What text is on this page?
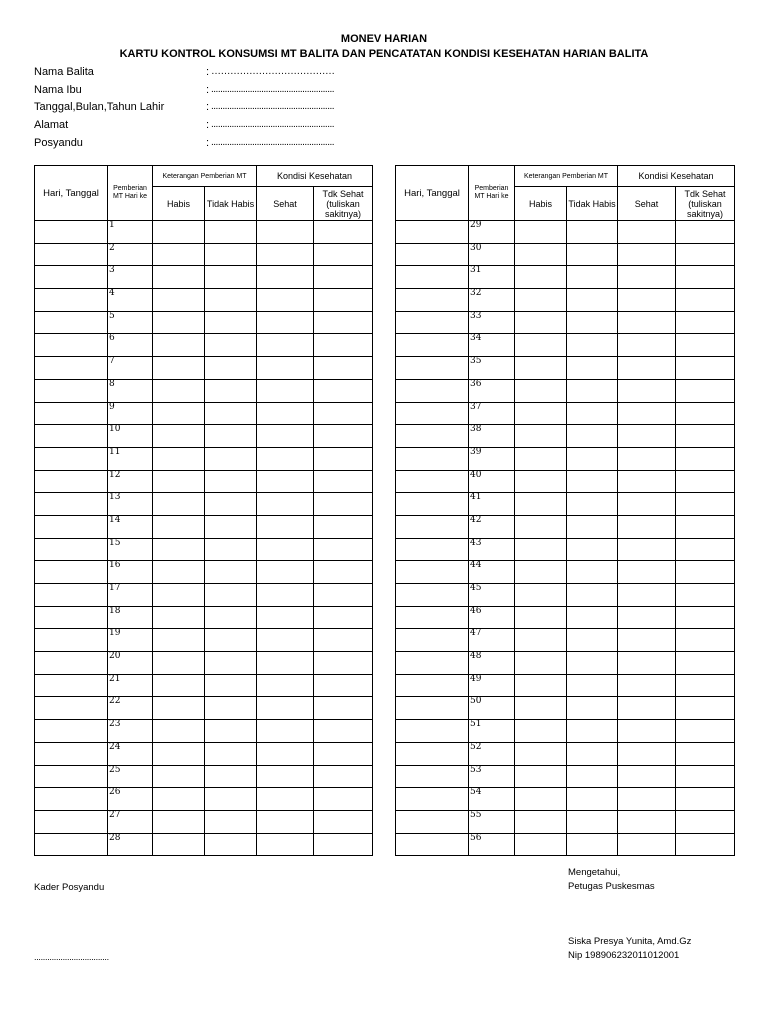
MONEV HARIAN
KARTU KONTROL KONSUMSI MT BALITA DAN PENCATATAN KONDISI KESEHATAN HARIAN BALITA
Nama Balita	: …………………………………
Nama Ibu	: ......................................................
Tanggal,Bulan,Tahun Lahir	: ......................................................
Alamat	: ......................................................
Posyandu	: ......................................................
Hari, Tanggal	Pemberian MT Hari ke	Keterangan Pemberian MT		Kondisi Kesehatan	
		Habis	Tidak Habis	Sehat	Tdk Sehat (tuliskan sakitnya)
	1				
	2				
	3				
	4				
	5				
	6				
	7				
	8				
	9				
	10				
	11				
	12				
	13				
	14				
	15				
	16				
	17				
	18				
	19				
	20				
	21				
	22				
	23				
	24				
	25				
	26				
	27				
	28				
Hari, Tanggal	Pemberian MT Hari ke	Keterangan Pemberian MT		Kondisi Kesehatan	
		Habis	Tidak Habis	Sehat	Tdk Sehat (tuliskan sakitnya)
	29				
	30				
	31				
	32				
	33				
	34				
	35				
	36				
	37				
	38				
	39				
	40				
	41				
	42				
	43				
	44				
	45				
	46				
	47				
	48				
	49				
	50				
	51				
	52				
	53				
	54				
	55				
	56				
Kader Posyandu
..................................
Mengetahui,
Petugas Puskesmas
Siska Presya Yunita, Amd.Gz
Nip 198906232011012001
